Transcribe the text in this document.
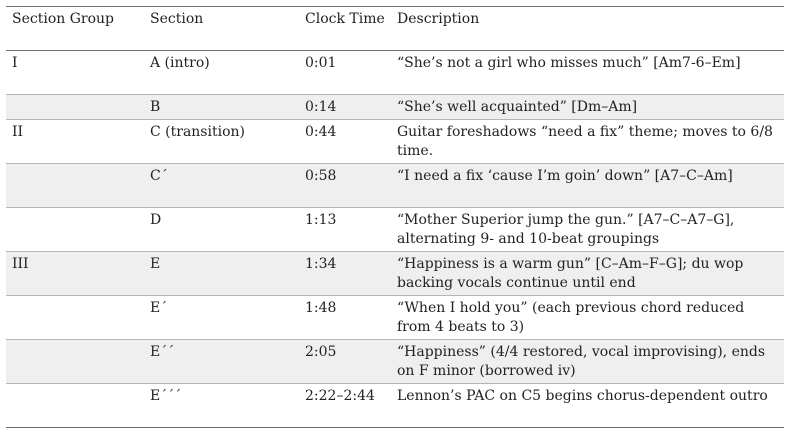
Section Group	Section	Clock Time	Description
I	A (intro)	0:01	“She’s not a girl who misses much” [Am7-6–Em]
	B	0:14	“She’s well acquainted” [Dm–Am]
II	C (transition)	0:44	Guitar foreshadows “need a fix” theme; moves to 6/8 time.
	C´	0:58	“I need a fix ‘cause I’m goin’ down” [A7–C–Am]
	D	1:13	“Mother Superior jump the gun.” [A7–C–A7–G], alternating 9- and 10-beat groupings
III	E	1:34	“Happiness is a warm gun” [C–Am–F–G]; du wop backing vocals continue until end
	E´	1:48	“When I hold you” (each previous chord reduced from 4 beats to 3)
	E´´	2:05	“Happiness” (4/4 restored, vocal improvising), ends on F minor (borrowed iv)
	E´´´	2:22–2:44	Lennon’s PAC on C5 begins chorus-dependent outro
